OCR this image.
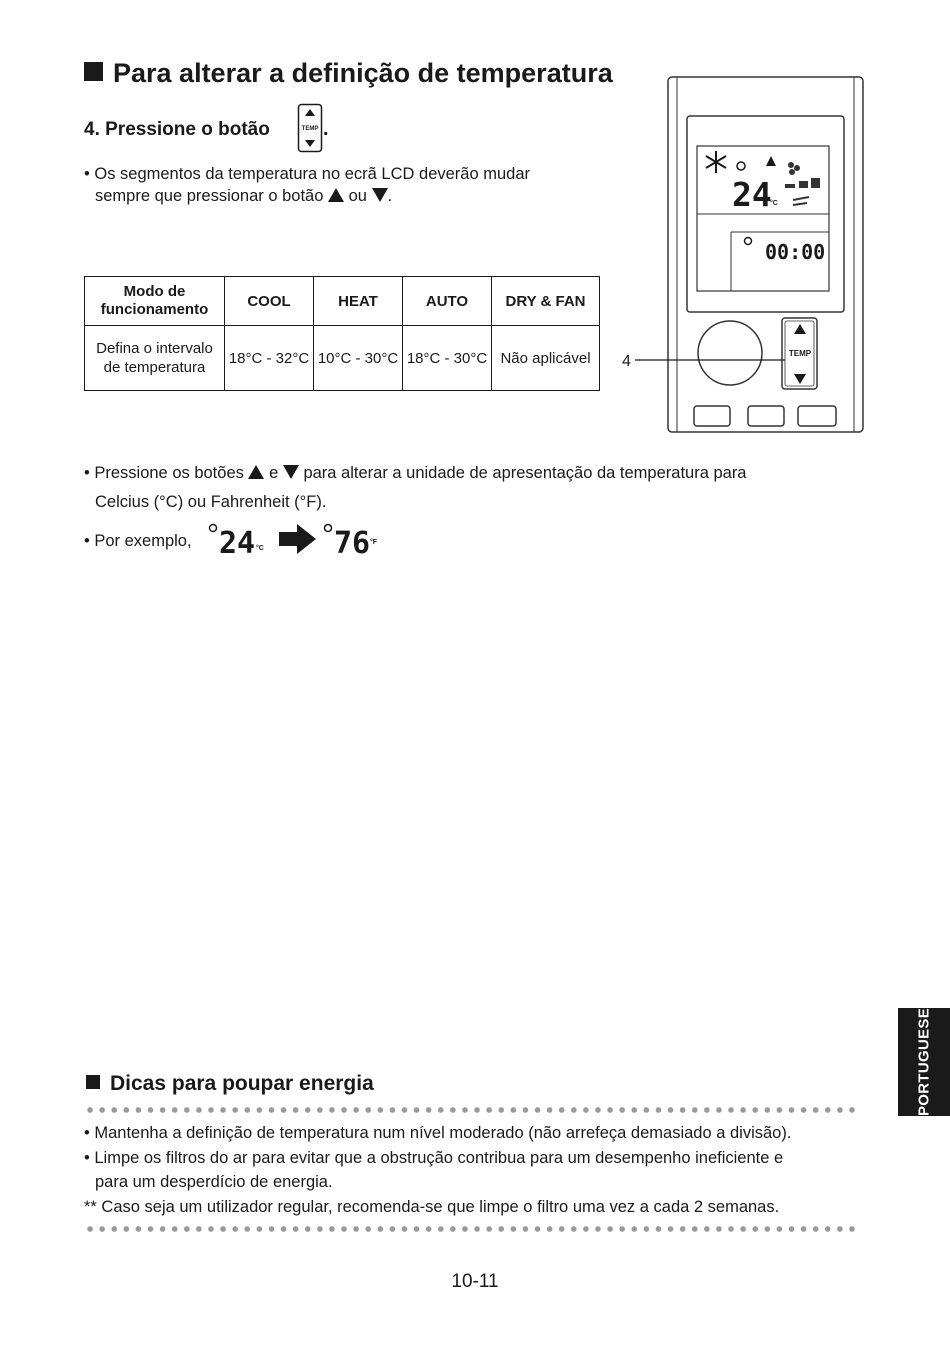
Para alterar a definição de temperatura
4. Pressione o botão	TEMP .
• Os segmentos da temperatura no ecrã LCD deverão mudar
sempre que pressionar o botão ou .
Modo de funcionamento	COOL	HEAT	AUTO	DRY & FAN

Defina o intervalo de temperatura	18°C - 32°C	10°C - 30°C	18°C - 30°C	Não aplicável
24
°C
00:00
TEMP
4
• Pressione os botões e para alterar a unidade de apresentação da temperatura para
Celcius (°C) ou Fahrenheit (°F).
• Por exemplo, 24 °C 76 °F
PORTUGUESE
Dicas para poupar energia
• Mantenha a definição de temperatura num nível moderado (não arrefeça demasiado a divisão).
• Limpe os filtros do ar para evitar que a obstrução contribua para um desempenho ineficiente e
para um desperdício de energia.
** Caso seja um utilizador regular, recomenda-se que limpe o filtro uma vez a cada 2 semanas.
10-11
